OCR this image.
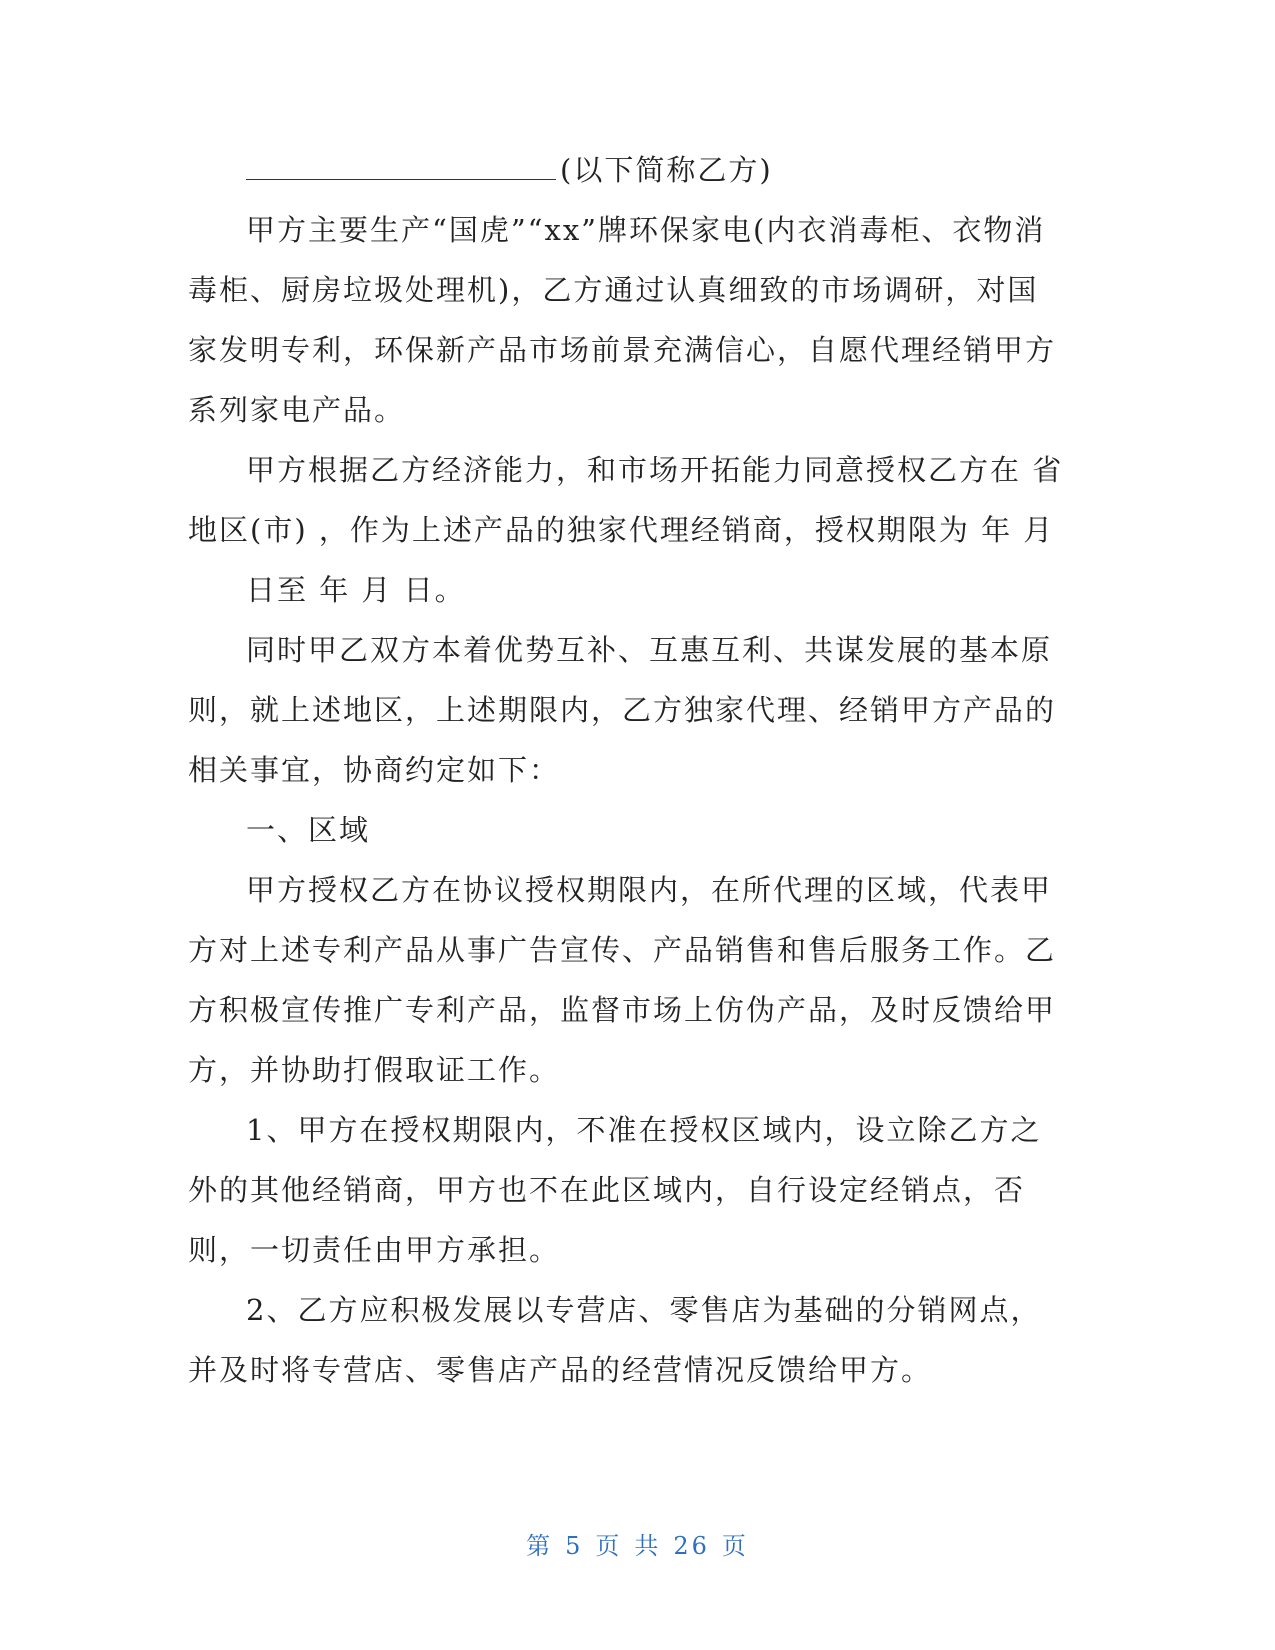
(以下简称乙方)

甲方主要生产“国虎”“xx”牌环保家电(内衣消毒柜、衣物消毒柜、厨房垃圾处理机)，乙方通过认真细致的市场调研，对国家发明专利，环保新产品市场前景充满信心，自愿代理经销甲方系列家电产品。

甲方根据乙方经济能力，和市场开拓能力同意授权乙方在 省地区(市) ，作为上述产品的独家代理经销商，授权期限为 年 月

日至 年 月 日。

同时甲乙双方本着优势互补、互惠互利、共谋发展的基本原则，就上述地区，上述期限内，乙方独家代理、经销甲方产品的相关事宜，协商约定如下：

一、区域

甲方授权乙方在协议授权期限内，在所代理的区域，代表甲方对上述专利产品从事广告宣传、产品销售和售后服务工作。乙方积极宣传推广专利产品，监督市场上仿伪产品，及时反馈给甲方，并协助打假取证工作。

1、甲方在授权期限内，不准在授权区域内，设立除乙方之外的其他经销商，甲方也不在此区域内，自行设定经销点，否则，一切责任由甲方承担。

2、乙方应积极发展以专营店、零售店为基础的分销网点，并及时将专营店、零售店产品的经营情况反馈给甲方。

第 5 页 共 26 页
